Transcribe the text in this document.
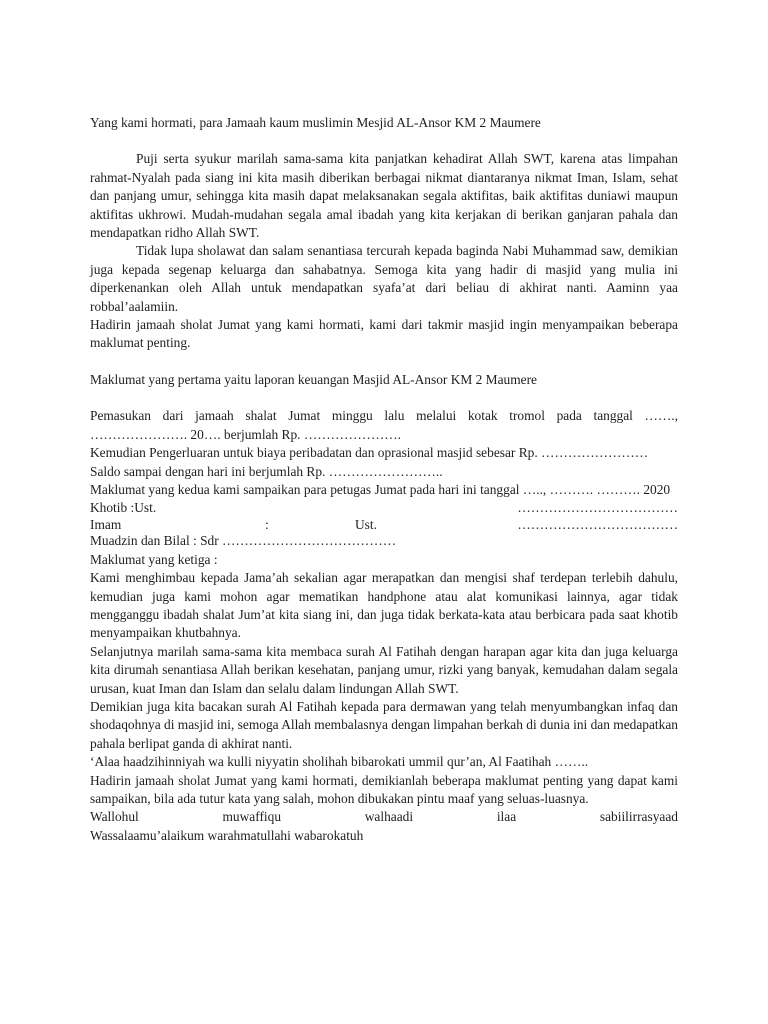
Yang kami hormati, para Jamaah kaum muslimin Mesjid AL-Ansor KM 2 Maumere

Puji serta syukur marilah sama-sama kita panjatkan kehadirat Allah SWT, karena atas limpahan rahmat-Nyalah pada siang ini kita masih diberikan berbagai nikmat diantaranya nikmat Iman, Islam, sehat dan panjang umur, sehingga kita masih dapat melaksanakan segala aktifitas, baik aktifitas duniawi maupun aktifitas ukhrowi. Mudah-mudahan segala amal ibadah yang kita kerjakan di berikan ganjaran pahala dan mendapatkan ridho Allah SWT.

Tidak lupa sholawat dan salam senantiasa tercurah kepada baginda Nabi Muhammad saw, demikian juga kepada segenap keluarga dan sahabatnya. Semoga kita yang hadir di masjid yang mulia ini diperkenankan oleh Allah untuk mendapatkan syafa’at dari beliau di akhirat nanti. Aaminn yaa robbal’aalamiin.

Hadirin jamaah sholat Jumat yang kami hormati, kami dari takmir masjid ingin menyampaikan beberapa maklumat penting.

Maklumat yang pertama yaitu laporan keuangan Masjid AL-Ansor KM 2 Maumere

Pemasukan dari jamaah shalat Jumat minggu lalu melalui kotak tromol pada tanggal ……., …………………. 20…. berjumlah Rp. ………………….

Kemudian Pengerluaran untuk biaya peribadatan dan oprasional masjid sebesar Rp. ……………………

Saldo sampai dengan hari ini berjumlah Rp. ……………………..

Maklumat yang kedua kami sampaikan para petugas Jumat pada hari ini tanggal ….., ………. ………. 2020

Khotib :Ust.	………………………………
Imam	:	Ust.	………………………………

Muadzin dan Bilal : Sdr …………………………………

Maklumat yang ketiga :

Kami menghimbau kepada Jama’ah sekalian agar merapatkan dan mengisi shaf terdepan terlebih dahulu, kemudian juga kami mohon agar mematikan handphone atau alat komunikasi lainnya, agar tidak mengganggu ibadah shalat Jum’at kita siang ini, dan juga tidak berkata-kata atau berbicara pada saat khotib menyampaikan khutbahnya.

Selanjutnya marilah sama-sama kita membaca surah Al Fatihah dengan harapan agar kita dan juga keluarga kita dirumah senantiasa Allah berikan kesehatan, panjang umur, rizki yang banyak, kemudahan dalam segala urusan, kuat Iman dan Islam dan selalu dalam lindungan Allah SWT.

Demikian juga kita bacakan surah Al Fatihah kepada para dermawan yang telah menyumbangkan infaq dan shodaqohnya di masjid ini, semoga Allah membalasnya dengan limpahan berkah di dunia ini dan medapatkan pahala berlipat ganda di akhirat nanti.

‘Alaa haadzihinniyah wa kulli niyyatin sholihah bibarokati ummil qur’an, Al Faatihah ……..

Hadirin jamaah sholat Jumat yang kami hormati, demikianlah beberapa maklumat penting yang dapat kami sampaikan, bila ada tutur kata yang salah, mohon dibukakan pintu maaf yang seluas-luasnya.

Wallohul	muwaffiqu	walhaadi	ilaa	sabiilirrasyaad

Wassalaamu’alaikum warahmatullahi wabarokatuh
